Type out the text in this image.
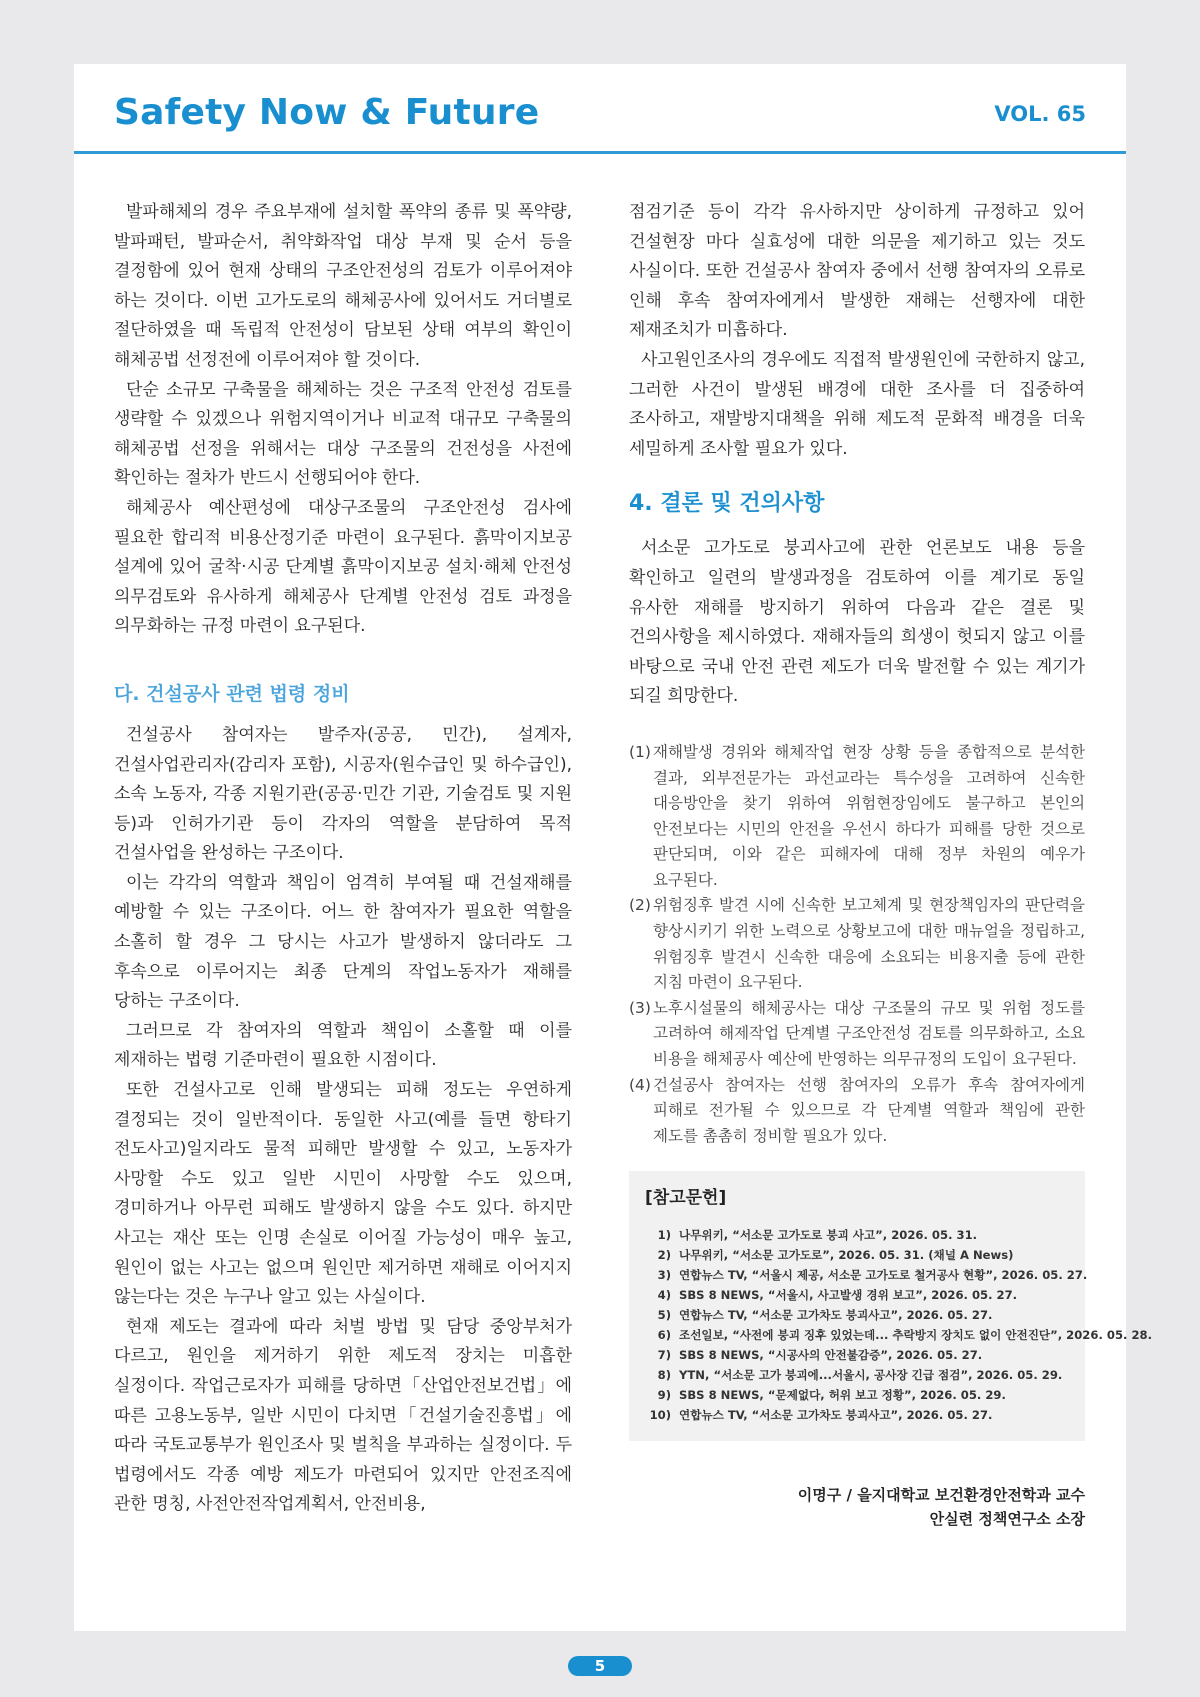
Safety Now & Future	VOL. 65

발파해체의 경우 주요부재에 설치할 폭약의 종류 및 폭약량, 발파패턴, 발파순서, 취약화작업 대상 부재 및 순서 등을 결정함에 있어 현재 상태의 구조안전성의 검토가 이루어져야 하는 것이다. 이번 고가도로의 해체공사에 있어서도 거더별로 절단하였을 때 독립적 안전성이 담보된 상태 여부의 확인이 해체공법 선정전에 이루어져야 할 것이다.

단순 소규모 구축물을 해체하는 것은 구조적 안전성 검토를 생략할 수 있겠으나 위험지역이거나 비교적 대규모 구축물의 해체공법 선정을 위해서는 대상 구조물의 건전성을 사전에 확인하는 절차가 반드시 선행되어야 한다.

해체공사 예산편성에 대상구조물의 구조안전성 검사에 필요한 합리적 비용산정기준 마련이 요구된다. 흙막이지보공 설계에 있어 굴착·시공 단계별 흙막이지보공 설치·해체 안전성 의무검토와 유사하게 해체공사 단계별 안전성 검토 과정을 의무화하는 규정 마련이 요구된다.

다. 건설공사 관련 법령 정비

건설공사 참여자는 발주자(공공, 민간), 설계자, 건설사업관리자(감리자 포함), 시공자(원수급인 및 하수급인), 소속 노동자, 각종 지원기관(공공·민간 기관, 기술검토 및 지원 등)과 인허가기관 등이 각자의 역할을 분담하여 목적 건설사업을 완성하는 구조이다.

이는 각각의 역할과 책임이 엄격히 부여될 때 건설재해를 예방할 수 있는 구조이다. 어느 한 참여자가 필요한 역할을 소홀히 할 경우 그 당시는 사고가 발생하지 않더라도 그 후속으로 이루어지는 최종 단계의 작업노동자가 재해를 당하는 구조이다.

그러므로 각 참여자의 역할과 책임이 소홀할 때 이를 제재하는 법령 기준마련이 필요한 시점이다.

또한 건설사고로 인해 발생되는 피해 정도는 우연하게 결정되는 것이 일반적이다. 동일한 사고(예를 들면 항타기 전도사고)일지라도 물적 피해만 발생할 수 있고, 노동자가 사망할 수도 있고 일반 시민이 사망할 수도 있으며, 경미하거나 아무런 피해도 발생하지 않을 수도 있다. 하지만 사고는 재산 또는 인명 손실로 이어질 가능성이 매우 높고, 원인이 없는 사고는 없으며 원인만 제거하면 재해로 이어지지 않는다는 것은 누구나 알고 있는 사실이다.

현재 제도는 결과에 따라 처벌 방법 및 담당 중앙부처가 다르고, 원인을 제거하기 위한 제도적 장치는 미흡한 실정이다. 작업근로자가 피해를 당하면「산업안전보건법」에 따른 고용노동부, 일반 시민이 다치면「건설기술진흥법」에 따라 국토교통부가 원인조사 및 벌칙을 부과하는 실정이다. 두 법령에서도 각종 예방 제도가 마련되어 있지만 안전조직에 관한 명칭, 사전안전작업계획서, 안전비용,

점검기준 등이 각각 유사하지만 상이하게 규정하고 있어 건설현장 마다 실효성에 대한 의문을 제기하고 있는 것도 사실이다. 또한 건설공사 참여자 중에서 선행 참여자의 오류로 인해 후속 참여자에게서 발생한 재해는 선행자에 대한 제재조치가 미흡하다.

사고원인조사의 경우에도 직접적 발생원인에 국한하지 않고, 그러한 사건이 발생된 배경에 대한 조사를 더 집중하여 조사하고, 재발방지대책을 위해 제도적 문화적 배경을 더욱 세밀하게 조사할 필요가 있다.

4. 결론 및 건의사항

서소문 고가도로 붕괴사고에 관한 언론보도 내용 등을 확인하고 일련의 발생과정을 검토하여 이를 계기로 동일 유사한 재해를 방지하기 위하여 다음과 같은 결론 및 건의사항을 제시하였다. 재해자들의 희생이 헛되지 않고 이를 바탕으로 국내 안전 관련 제도가 더욱 발전할 수 있는 계기가 되길 희망한다.

(1) 재해발생 경위와 해체작업 현장 상황 등을 종합적으로 분석한 결과, 외부전문가는 과선교라는 특수성을 고려하여 신속한 대응방안을 찾기 위하여 위험현장임에도 불구하고 본인의 안전보다는 시민의 안전을 우선시 하다가 피해를 당한 것으로 판단되며, 이와 같은 피해자에 대해 정부 차원의 예우가 요구된다.
(2) 위험징후 발견 시에 신속한 보고체계 및 현장책임자의 판단력을 향상시키기 위한 노력으로 상황보고에 대한 매뉴얼을 정립하고, 위험징후 발견시 신속한 대응에 소요되는 비용지출 등에 관한 지침 마련이 요구된다.
(3) 노후시설물의 해체공사는 대상 구조물의 규모 및 위험 정도를 고려하여 해제작업 단계별 구조안전성 검토를 의무화하고, 소요 비용을 해체공사 예산에 반영하는 의무규정의 도입이 요구된다.
(4) 건설공사 참여자는 선행 참여자의 오류가 후속 참여자에게 피해로 전가될 수 있으므로 각 단계별 역할과 책임에 관한 제도를 촘촘히 정비할 필요가 있다.
[참고문헌]
1) 나무위키, “서소문 고가도로 붕괴 사고”, 2026. 05. 31.
2) 나무위키, “서소문 고가도로”, 2026. 05. 31. (채널 A News)
3) 연합뉴스 TV, “서울시 제공, 서소문 고가도로 철거공사 현황”, 2026. 05. 27.
4) SBS 8 NEWS, “서울시, 사고발생 경위 보고”, 2026. 05. 27.
5) 연합뉴스 TV, “서소문 고가차도 붕괴사고”, 2026. 05. 27.
6) 조선일보, “사전에 붕괴 징후 있었는데... 추락방지 장치도 없이 안전진단”, 2026. 05. 28.
7) SBS 8 NEWS, “시공사의 안전불감증”, 2026. 05. 27.
8) YTN, “서소문 고가 붕괴에...서울시, 공사장 긴급 점검”, 2026. 05. 29.
9) SBS 8 NEWS, “문제없다, 허위 보고 정황”, 2026. 05. 29.
10) 연합뉴스 TV, “서소문 고가차도 붕괴사고”, 2026. 05. 27.
이명구 / 을지대학교 보건환경안전학과 교수
안실련 정책연구소 소장
5
